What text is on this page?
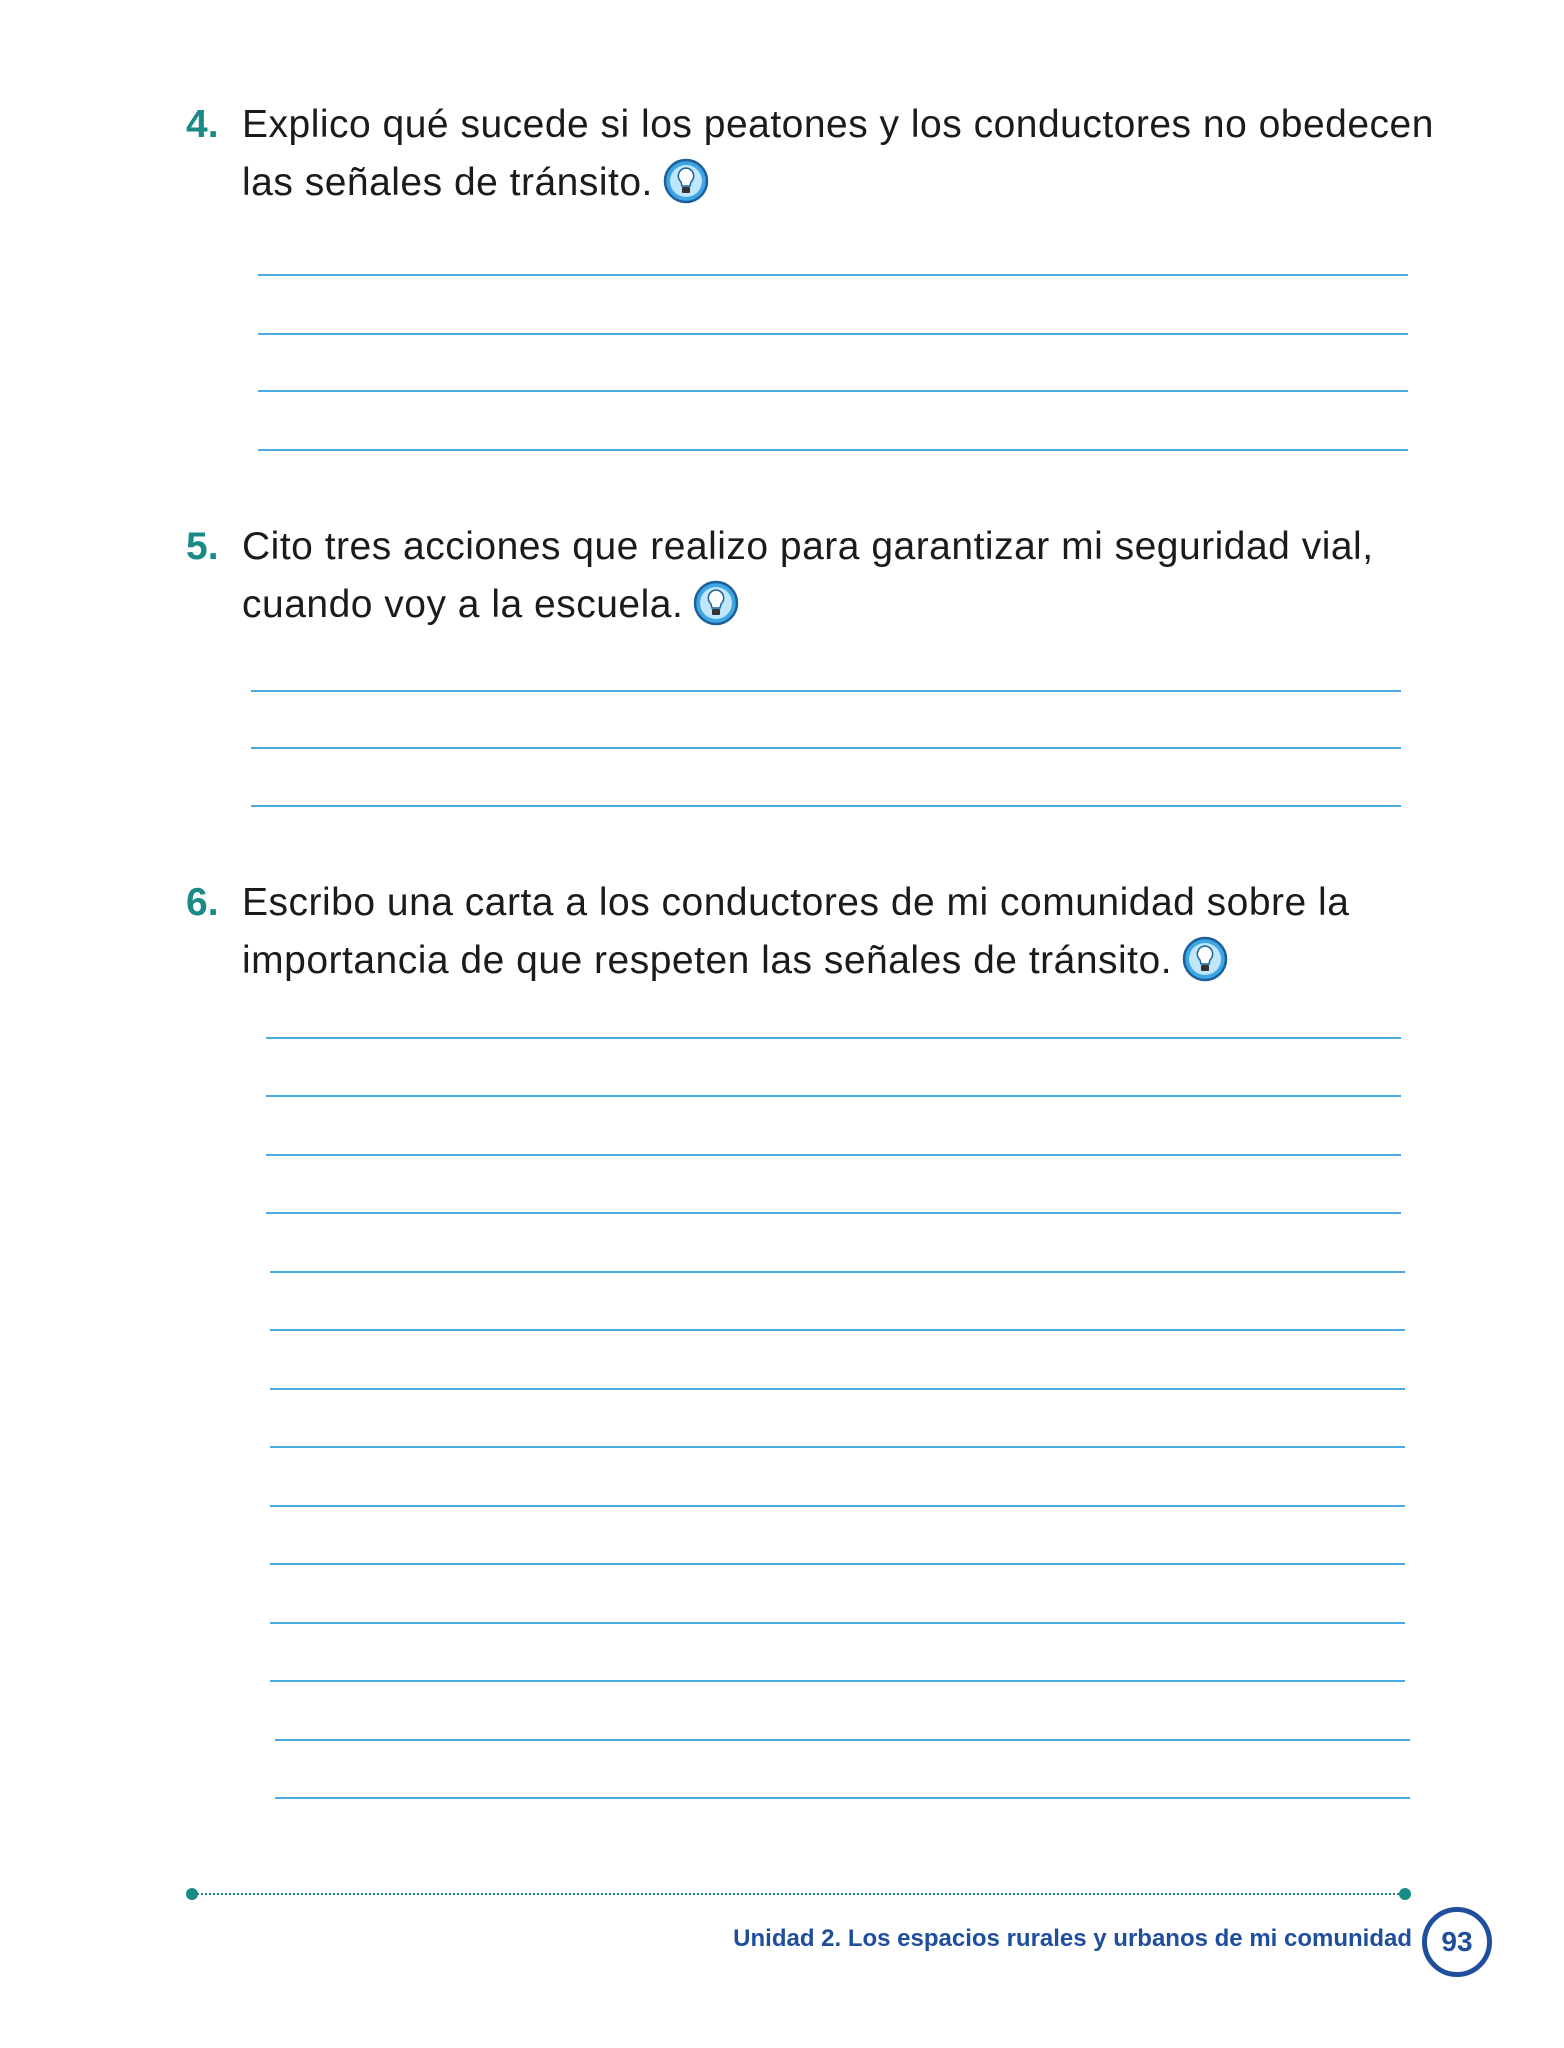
4. Explico qué sucede si los peatones y los conductores no obedecen
las señales de tránsito.
5. Cito tres acciones que realizo para garantizar mi seguridad vial,
cuando voy a la escuela.
6. Escribo una carta a los conductores de mi comunidad sobre la
importancia de que respeten las señales de tránsito.
Unidad 2. Los espacios rurales y urbanos de mi comunidad	93
